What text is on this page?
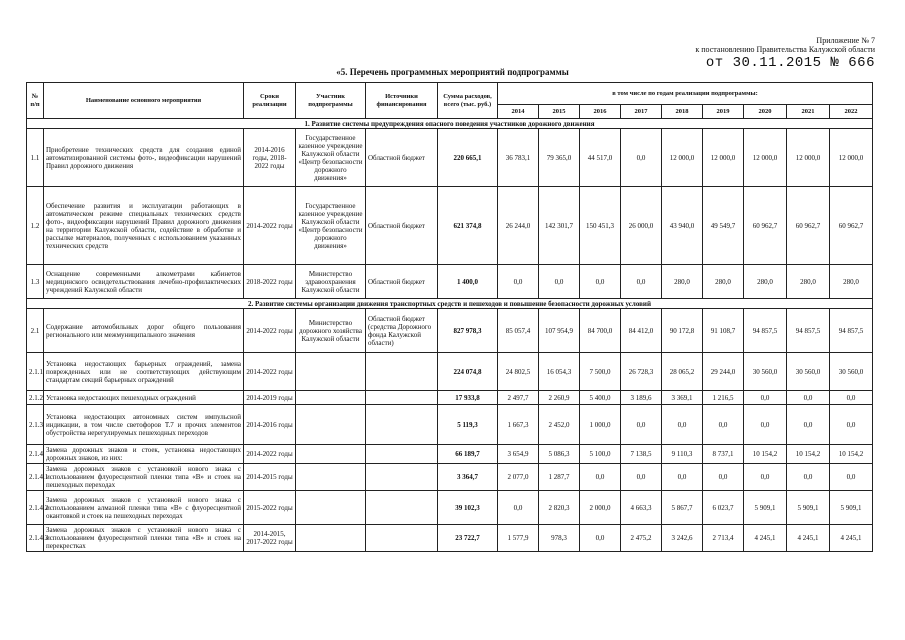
Приложение № 7
к постановлению Правительства Калужской области
от 30.11.2015 № 666
«5. Перечень программных мероприятий подпрограммы
№ п/п	Наименование основного мероприятия	Сроки реализации	Участник подпрограммы	Источники финансирования	Сумма расходов, всего (тыс. руб.)	в том числе по годам реализации подпрограммы:								
						2014	2015	2016	2017	2018	2019	2020	2021	2022
1. Развитие системы предупреждения опасного поведения участников дорожного движения														
1.1	Приобретение технических средств для создания единой автоматизированной системы фото-, видеофиксации нарушений Правил дорожного движения	2014-2016 годы, 2018-2022 годы	Государственное казенное учреждение Калужской области «Центр безопасности дорожного движения»	Областной бюджет	220 665,1	36 783,1	79 365,0	44 517,0	0,0	12 000,0	12 000,0	12 000,0	12 000,0	12 000,0
1.2	Обеспечение развития и эксплуатации работающих в автоматическом режиме специальных технических средств фото-, видеофиксации нарушений Правил дорожного движения на территории Калужской области, содействие в обработке и рассылке материалов, полученных с использованием указанных технических средств	2014-2022 годы	Государственное казенное учреждение Калужской области «Центр безопасности дорожного движения»	Областной бюджет	621 374,8	26 244,0	142 301,7	150 451,3	26 000,0	43 940,0	49 549,7	60 962,7	60 962,7	60 962,7
1.3	Оснащение современными алкометрами кабинетов медицинского освидетельствования лечебно-профилактических учреждений Калужской области	2018-2022 годы	Министерство здравоохранения Калужской области	Областной бюджет	1 400,0	0,0	0,0	0,0	0,0	280,0	280,0	280,0	280,0	280,0
2. Развитие системы организации движения транспортных средств и пешеходов и повышение безопасности дорожных условий														
2.1	Содержание автомобильных дорог общего пользования регионального или межмуниципального значения	2014-2022 годы	Министерство дорожного хозяйства Калужской области	Областной бюджет (средства Дорожного фонда Калужской области)	827 978,3	85 057,4	107 954,9	84 700,0	84 412,0	90 172,8	91 108,7	94 857,5	94 857,5	94 857,5
2.1.1	Установка недостающих барьерных ограждений, замена поврежденных или не соответствующих действующим стандартам секций барьерных ограждений	2014-2022 годы			224 074,8	24 802,5	16 054,3	7 500,0	26 728,3	28 065,2	29 244,0	30 560,0	30 560,0	30 560,0
2.1.2	Установка недостающих пешеходных ограждений	2014-2019 годы			17 933,8	2 497,7	2 260,9	5 400,0	3 189,6	3 369,1	1 216,5	0,0	0,0	0,0
2.1.3	Установка недостающих автономных систем импульсной индикации, в том числе светофоров Т.7 и прочих элементов обустройства нерегулируемых пешеходных переходов	2014-2016 годы			5 119,3	1 667,3	2 452,0	1 000,0	0,0	0,0	0,0	0,0	0,0	0,0
2.1.4	Замена дорожных знаков и стоек, установка недостающих дорожных знаков, из них:	2014-2022 годы			66 189,7	3 654,9	5 086,3	5 100,0	7 138,5	9 110,3	8 737,1	10 154,2	10 154,2	10 154,2
2.1.4.1	Замена дорожных знаков с установкой нового знака с использованием флуоресцентной пленки типа «В» и стоек на пешеходных переходах	2014-2015 годы			3 364,7	2 077,0	1 287,7	0,0	0,0	0,0	0,0	0,0	0,0	0,0
2.1.4.2	Замена дорожных знаков с установкой нового знака с использованием алмазной пленки типа «В» с флуоресцентной окантовкой и стоек на пешеходных переходах	2015-2022 годы			39 102,3	0,0	2 820,3	2 000,0	4 663,3	5 867,7	6 023,7	5 909,1	5 909,1	5 909,1
2.1.4.3	Замена дорожных знаков с установкой нового знака с использованием флуоресцентной пленки типа «В» и стоек на перекрестках	2014-2015, 2017-2022 годы			23 722,7	1 577,9	978,3	0,0	2 475,2	3 242,6	2 713,4	4 245,1	4 245,1	4 245,1
